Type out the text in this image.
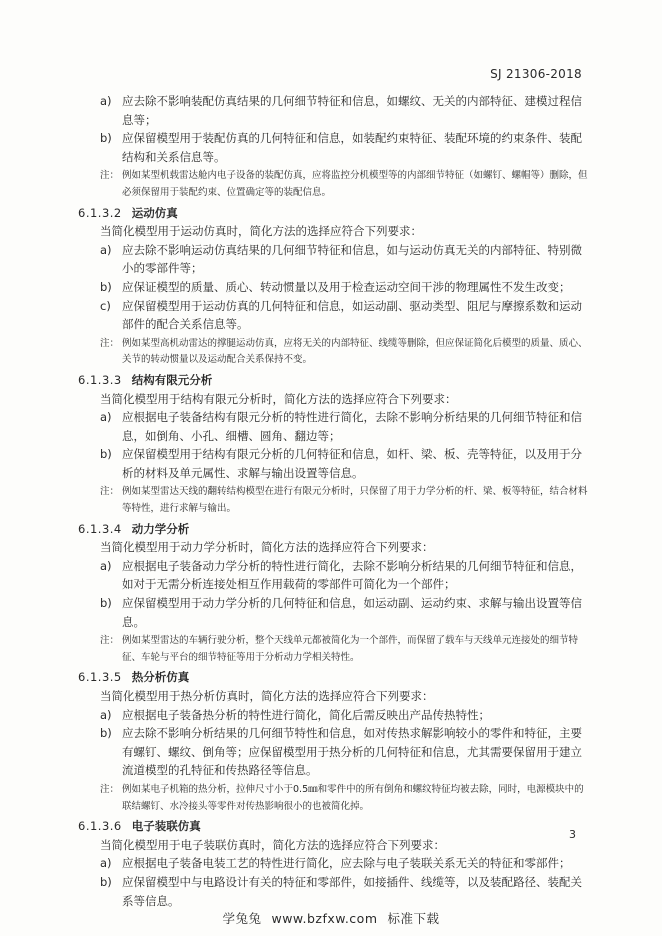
SJ 21306-2018
a) 应去除不影响装配仿真结果的几何细节特征和信息，如螺纹、无关的内部特征、建模过程信息等；
b) 应保留模型用于装配仿真的几何特征和信息，如装配约束特征、装配环境的约束条件、装配结构和关系信息等。
注： 例如某型机载雷达舱内电子设备的装配仿真，应将监控分机模型等的内部细节特征（如螺钉、螺帽等）删除，但必须保留用于装配约束、位置确定等的装配信息。
6.1.3.2 运动仿真
当简化模型用于运动仿真时，简化方法的选择应符合下列要求：
a) 应去除不影响运动仿真结果的几何细节特征和信息，如与运动仿真无关的内部特征、特别微小的零部件等；
b) 应保证模型的质量、质心、转动惯量以及用于检查运动空间干涉的物理属性不发生改变；
c) 应保留模型用于运动仿真的几何特征和信息，如运动副、驱动类型、阻尼与摩擦系数和运动部件的配合关系信息等。
注： 例如某型高机动雷达的撑腿运动仿真，应将无关的内部特征、线缆等删除，但应保证简化后模型的质量、质心、关节的转动惯量以及运动配合关系保持不变。
6.1.3.3 结构有限元分析
当简化模型用于结构有限元分析时，简化方法的选择应符合下列要求：
a) 应根据电子装备结构有限元分析的特性进行简化，去除不影响分析结果的几何细节特征和信息，如倒角、小孔、细槽、圆角、翻边等；
b) 应保留模型用于结构有限元分析的几何特征和信息，如杆、梁、板、壳等特征，以及用于分析的材料及单元属性、求解与输出设置等信息。
注： 例如某型雷达天线的翻转结构模型在进行有限元分析时，只保留了用于力学分析的杆、梁、板等特征，结合材料等特性，进行求解与输出。
6.1.3.4 动力学分析
当简化模型用于动力学分析时，简化方法的选择应符合下列要求：
a) 应根据电子装备动力学分析的特性进行简化，去除不影响分析结果的几何细节特征和信息，如对于无需分析连接处相互作用载荷的零部件可简化为一个部件；
b) 应保留模型用于动力学分析的几何特征和信息，如运动副、运动约束、求解与输出设置等信息。
注： 例如某型雷达的车辆行驶分析，整个天线单元都被简化为一个部件，而保留了载车与天线单元连接处的细节特征、车轮与平台的细节特征等用于分析动力学相关特性。
6.1.3.5 热分析仿真
当简化模型用于热分析仿真时，简化方法的选择应符合下列要求：
a) 应根据电子装备热分析的特性进行简化，简化后需反映出产品传热特性；
b) 应去除不影响分析结果的几何细节特性和信息，如对传热求解影响较小的零件和特征，主要有螺钉、螺纹、倒角等；应保留模型用于热分析的几何特征和信息，尤其需要保留用于建立流道模型的孔特征和传热路径等信息。
注： 例如某电子机箱的热分析，拉伸尺寸小于0.5㎜和零件中的所有倒角和螺纹特征均被去除，同时，电源模块中的联结螺钉、水冷接头等零件对传热影响很小的也被简化掉。
6.1.3.6 电子装联仿真
当简化模型用于电子装联仿真时，简化方法的选择应符合下列要求：
a) 应根据电子装备电装工艺的特性进行简化，应去除与电子装联关系无关的特征和零部件；
b) 应保留模型中与电路设计有关的特征和零部件，如接插件、线缆等，以及装配路径、装配关系等信息。
3
学兔兔 www.bzfxw.com 标准下载
